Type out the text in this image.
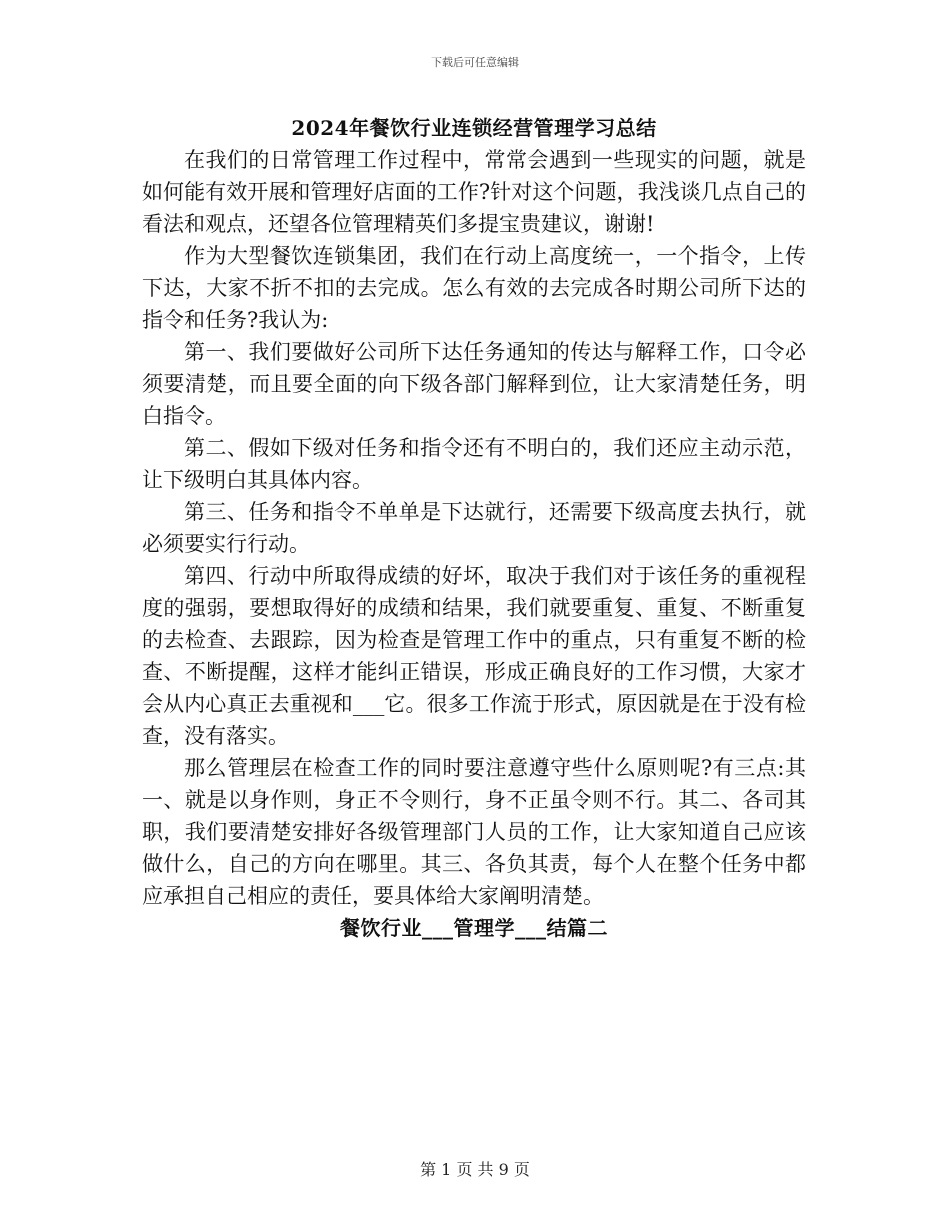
下载后可任意编辑
2024年餐饮行业连锁经营管理学习总结

在我们的日常管理工作过程中，常常会遇到一些现实的问题，就是如何能有效开展和管理好店面的工作?针对这个问题，我浅谈几点自己的看法和观点，还望各位管理精英们多提宝贵建议，谢谢!

作为大型餐饮连锁集团，我们在行动上高度统一，一个指令，上传下达，大家不折不扣的去完成。怎么有效的去完成各时期公司所下达的指令和任务?我认为:

第一、我们要做好公司所下达任务通知的传达与解释工作，口令必须要清楚，而且要全面的向下级各部门解释到位，让大家清楚任务，明白指令。

第二、假如下级对任务和指令还有不明白的，我们还应主动示范，让下级明白其具体内容。

第三、任务和指令不单单是下达就行，还需要下级高度去执行，就必须要实行行动。

第四、行动中所取得成绩的好坏，取决于我们对于该任务的重视程度的强弱，要想取得好的成绩和结果，我们就要重复、重复、不断重复的去检查、去跟踪，因为检查是管理工作中的重点，只有重复不断的检查、不断提醒，这样才能纠正错误，形成正确良好的工作习惯，大家才会从内心真正去重视和___它。很多工作流于形式，原因就是在于没有检查，没有落实。

那么管理层在检查工作的同时要注意遵守些什么原则呢?有三点:其一、就是以身作则，身正不令则行，身不正虽令则不行。其二、各司其职，我们要清楚安排好各级管理部门人员的工作，让大家知道自己应该做什么，自己的方向在哪里。其三、各负其责，每个人在整个任务中都应承担自己相应的责任，要具体给大家阐明清楚。

餐饮行业___管理学___结篇二
第 1 页 共 9 页
